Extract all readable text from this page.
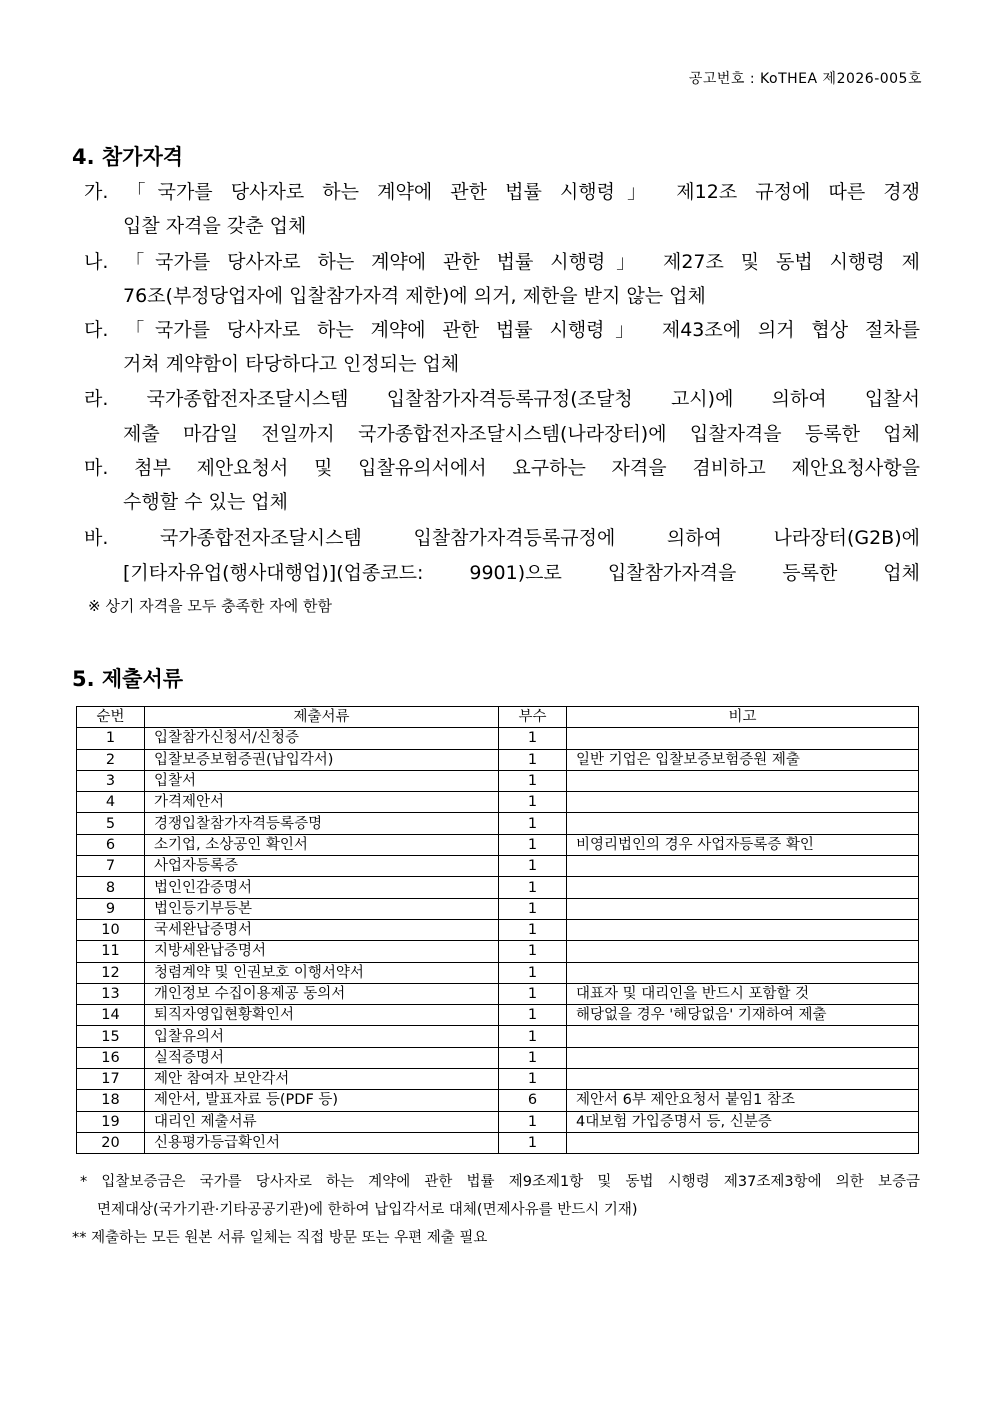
공고번호 : KoTHEA 제2026-005호
4. 참가자격
가. 「국가를 당사자로 하는 계약에 관한 법률 시행령」 제12조 규정에 따른 경쟁
입찰 자격을 갖춘 업체
나. 「국가를 당사자로 하는 계약에 관한 법률 시행령」 제27조 및 동법 시행령 제
76조(부정당업자에 입찰참가자격 제한)에 의거, 제한을 받지 않는 업체
다. 「국가를 당사자로 하는 계약에 관한 법률 시행령」 제43조에 의거 협상 절차를
거쳐 계약함이 타당하다고 인정되는 업체
라. 국가종합전자조달시스템 입찰참가자격등록규정(조달청 고시)에 의하여 입찰서
제출 마감일 전일까지 국가종합전자조달시스템(나라장터)에 입찰자격을 등록한 업체
마. 첨부 제안요청서 및 입찰유의서에서 요구하는 자격을 겸비하고 제안요청사항을
수행할 수 있는 업체
바. 국가종합전자조달시스템 입찰참가자격등록규정에 의하여 나라장터(G2B)에
[기타자유업(행사대행업)](업종코드: 9901)으로 입찰참가자격을 등록한 업체
※ 상기 자격을 모두 충족한 자에 한함
5. 제출서류
순번	제출서류	부수	비고
1	입찰참가신청서/신청증	1	
2	입찰보증보험증권(납입각서)	1	일반 기업은 입찰보증보험증원 제출
3	입찰서	1	
4	가격제안서	1	
5	경쟁입찰참가자격등록증명	1	
6	소기업, 소상공인 확인서	1	비영리법인의 경우 사업자등록증 확인
7	사업자등록증	1	
8	법인인감증명서	1	
9	법인등기부등본	1	
10	국세완납증명서	1	
11	지방세완납증명서	1	
12	청렴계약 및 인권보호 이행서약서	1	
13	개인정보 수집이용제공 동의서	1	대표자 및 대리인을 반드시 포함할 것
14	퇴직자영입현황확인서	1	해당없을 경우 '해당없음' 기재하여 제출
15	입찰유의서	1	
16	실적증명서	1	
17	제안 참여자 보안각서	1	
18	제안서, 발표자료 등(PDF 등)	6	제안서 6부 제안요청서 붙임1 참조
19	대리인 제출서류	1	4대보험 가입증명서 등, 신분증
20	신용평가등급확인서	1	
* 입찰보증금은 국가를 당사자로 하는 계약에 관한 법률 제9조제1항 및 동법 시행령 제37조제3항에 의한 보증금
면제대상(국가기관·기타공공기관)에 한하여 납입각서로 대체(면제사유를 반드시 기재)
** 제출하는 모든 원본 서류 일체는 직접 방문 또는 우편 제출 필요
